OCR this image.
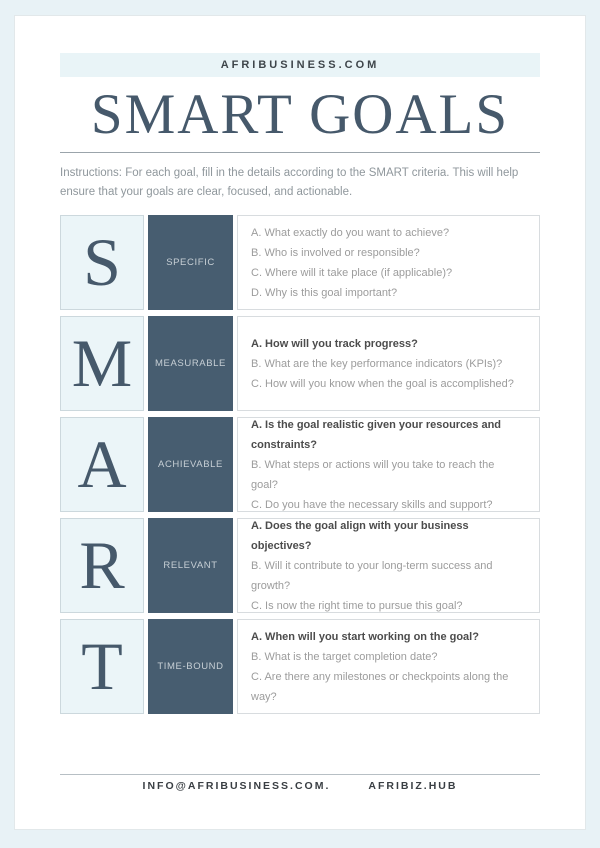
AFRIBUSINESS.COM
SMART GOALS
Instructions: For each goal, fill in the details according to the SMART criteria. This will help ensure that your goals are clear, focused, and actionable.
S	SPECIFIC
A. What exactly do you want to achieve?
B. Who is involved or responsible?
C. Where will it take place (if applicable)?
D. Why is this goal important?
M MEASURABLE
A. How will you track progress?
B. What are the key performance indicators (KPIs)?
C. How will you know when the goal is accomplished?
A	ACHIEVABLE
A. Is the goal realistic given your resources and constraints?
B. What steps or actions will you take to reach the goal?
C. Do you have the necessary skills and support?
R	RELEVANT
A. Does the goal align with your business objectives?
B. Will it contribute to your long-term success and growth?
C. Is now the right time to pursue this goal?
T	TIME-BOUND
A. When will you start working on the goal?
B. What is the target completion date?
C. Are there any milestones or checkpoints along the way?
INFO@AFRIBUSINESS.COM.	AFRIBIZ.HUB
